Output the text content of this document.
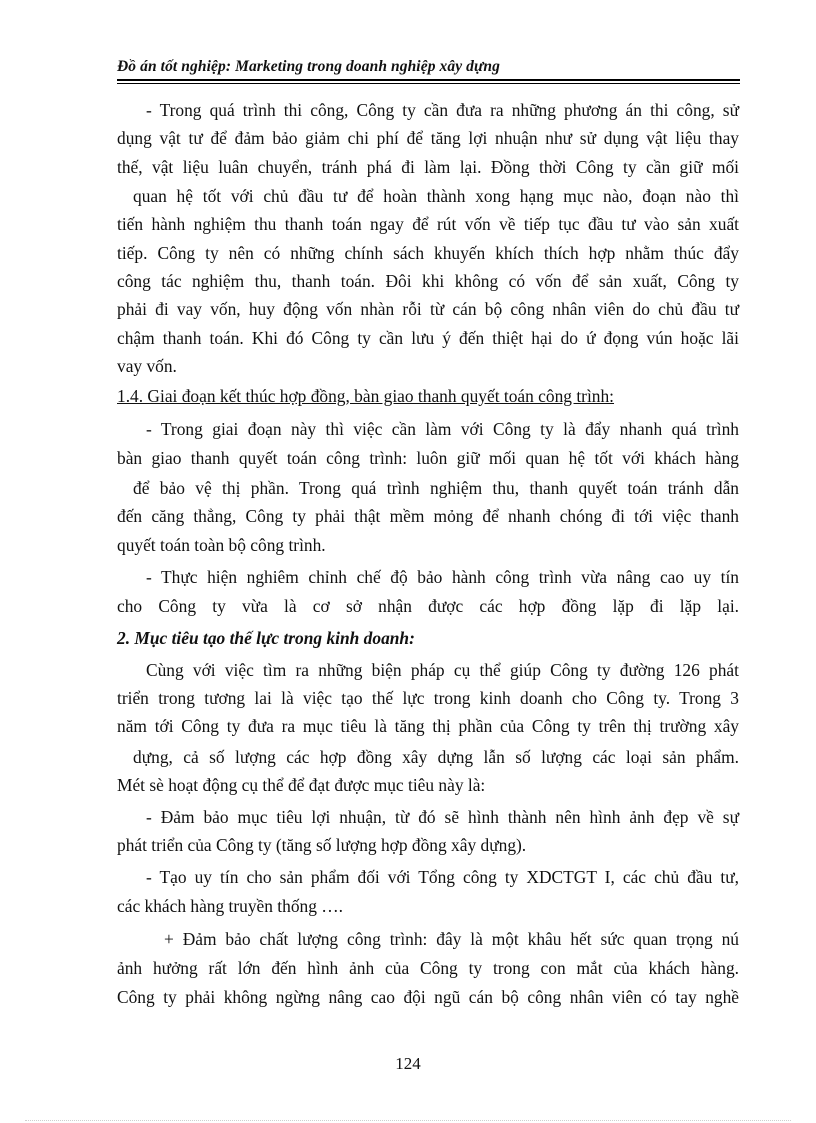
Đồ án tốt nghiệp: Marketing trong doanh nghiệp xây dựng
- Trong quá trình thi công, Công ty cần đưa ra những phương án thi công, sử
dụng vật tư để đảm bảo giảm chi phí để tăng lợi nhuận như sử dụng vật liệu thay
thế, vật liệu luân chuyển, tránh phá đi làm lại. Đồng thời Công ty cần giữ mối
quan hệ tốt với chủ đầu tư để hoàn thành xong hạng mục nào, đoạn nào thì
tiến hành nghiệm thu thanh toán ngay để rút vốn về tiếp tục đầu tư vào sản xuất
tiếp. Công ty nên có những chính sách khuyến khích thích hợp nhằm thúc đẩy
công tác nghiệm thu, thanh toán. Đôi khi không có vốn để sản xuất, Công ty
phải đi vay vốn, huy động vốn nhàn rỗi từ cán bộ công nhân viên do chủ đầu tư
chậm thanh toán. Khi đó Công ty cần lưu ý đến thiệt hại do ứ đọng vún hoặc lãi
vay vốn.
1.4. Giai đoạn kết thúc hợp đồng, bàn giao thanh quyết toán công trình:
- Trong giai đoạn này thì việc cần làm với Công ty là đẩy nhanh quá trình
bàn giao thanh quyết toán công trình: luôn giữ mối quan hệ tốt với khách hàng
để bảo vệ thị phần. Trong quá trình nghiệm thu, thanh quyết toán tránh dẫn
đến căng thẳng, Công ty phải thật mềm mỏng để nhanh chóng đi tới việc thanh
quyết toán toàn bộ công trình.
- Thực hiện nghiêm chỉnh chế độ bảo hành công trình vừa nâng cao uy tín
cho Công ty vừa là cơ sở nhận được các hợp đồng lặp đi lặp lại.
2. Mục tiêu tạo thế lực trong kinh doanh:
Cùng với việc tìm ra những biện pháp cụ thể giúp Công ty đường 126 phát
triển trong tương lai là việc tạo thế lực trong kinh doanh cho Công ty. Trong 3
năm tới Công ty đưa ra mục tiêu là tăng thị phần của Công ty trên thị trường xây
dựng, cả số lượng các hợp đồng xây dựng lẫn số lượng các loại sản phẩm.
Mét sè hoạt động cụ thể để đạt được mục tiêu này là:
- Đảm bảo mục tiêu lợi nhuận, từ đó sẽ hình thành nên hình ảnh đẹp về sự
phát triển của Công ty (tăng số lượng hợp đồng xây dựng).
- Tạo uy tín cho sản phẩm đối với Tổng công ty XDCTGT I, các chủ đầu tư,
các khách hàng truyền thống ….
+ Đảm bảo chất lượng công trình: đây là một khâu hết sức quan trọng nú
ảnh hưởng rất lớn đến hình ảnh của Công ty trong con mắt của khách hàng.
Công ty phải không ngừng nâng cao đội ngũ cán bộ công nhân viên có tay nghề
124
